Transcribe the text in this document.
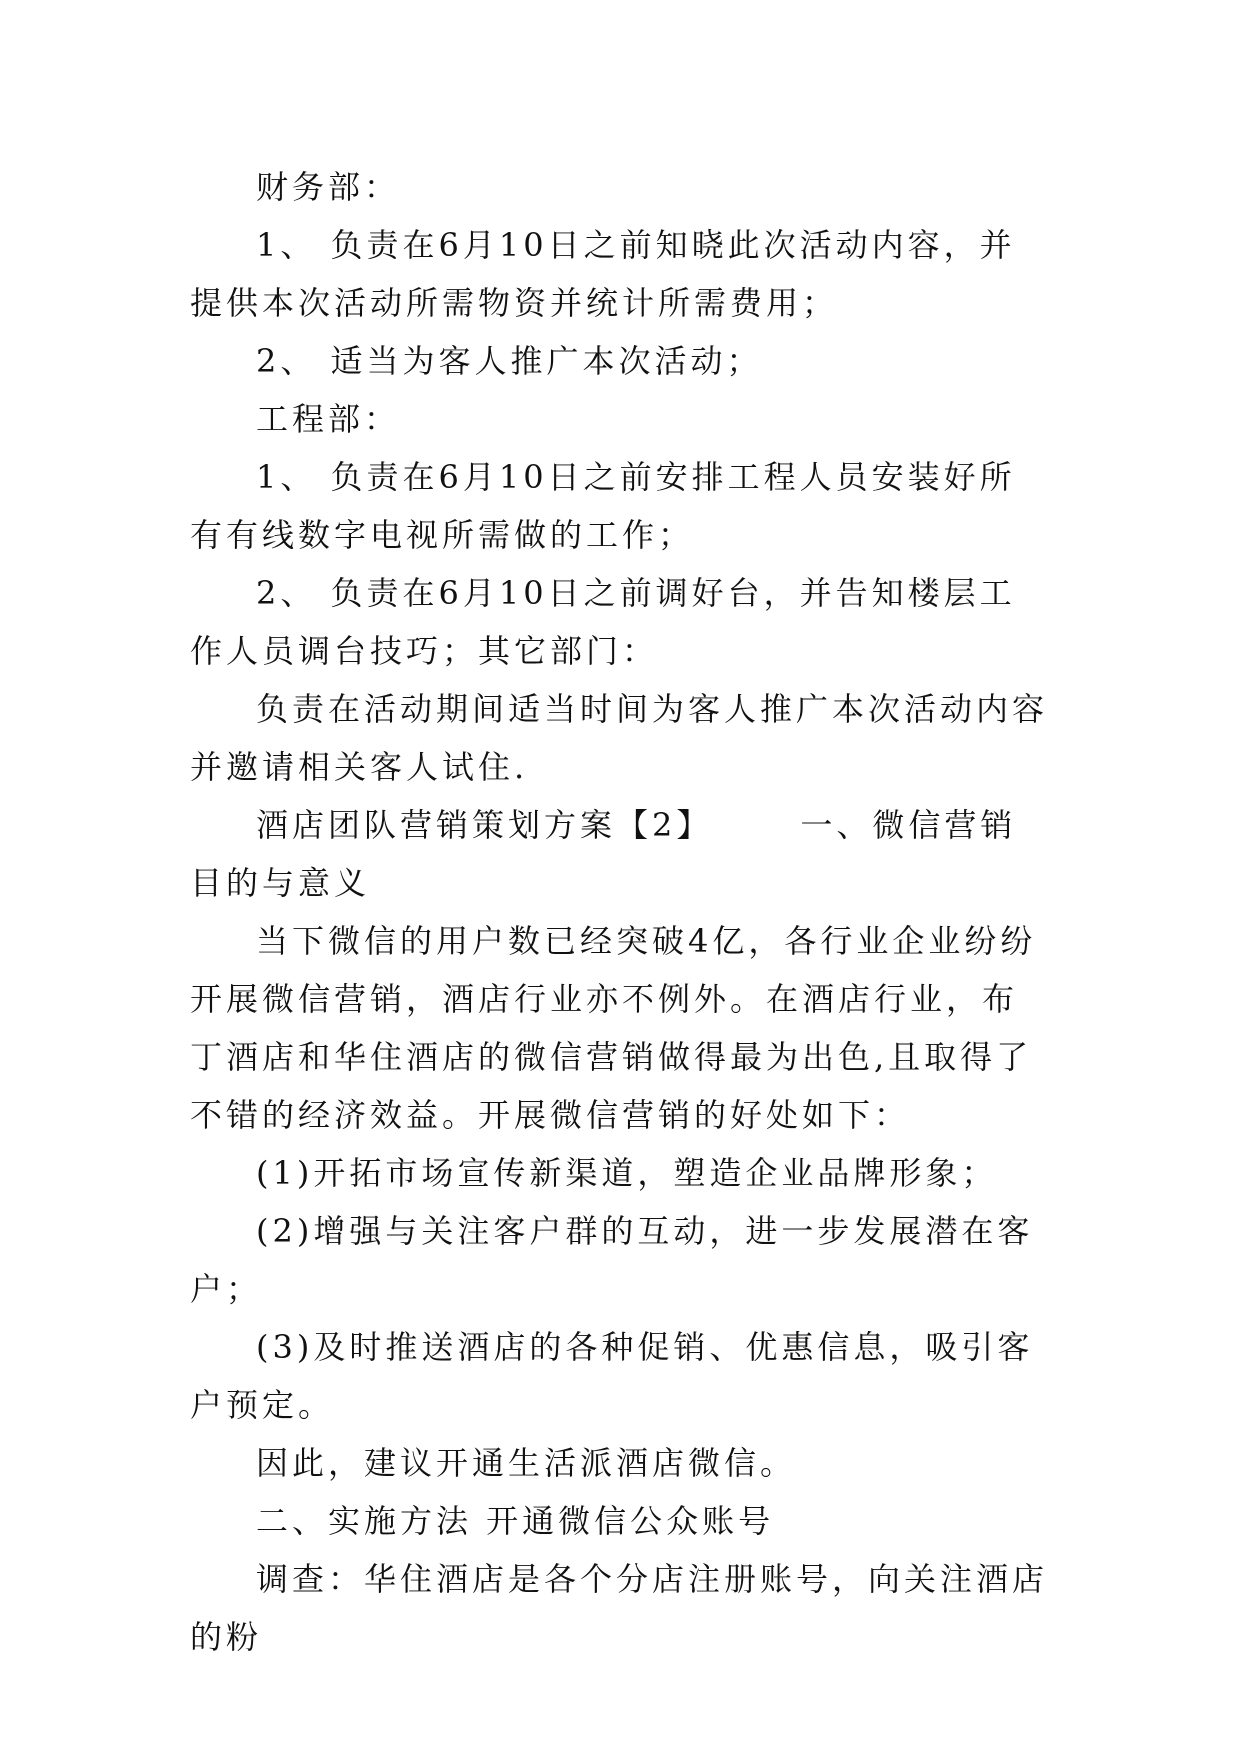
财务部：

1、 负责在6月10日之前知晓此次活动内容，并提供本次活动所需物资并统计所需费用；

2、 适当为客人推广本次活动；

工程部：

1、 负责在6月10日之前安排工程人员安装好所有有线数字电视所需做的工作；

2、 负责在6月10日之前调好台，并告知楼层工作人员调台技巧；其它部门：

负责在活动期间适当时间为客人推广本次活动内容并邀请相关客人试住.

酒店团队营销策划方案【2】	一、微信营销目的与意义

当下微信的用户数已经突破4亿，各行业企业纷纷开展微信营销，酒店行业亦不例外。在酒店行业，布丁酒店和华住酒店的微信营销做得最为出色,且取得了不错的经济效益。开展微信营销的好处如下：

(1)开拓市场宣传新渠道，塑造企业品牌形象；

(2)增强与关注客户群的互动，进一步发展潜在客户；

(3)及时推送酒店的各种促销、优惠信息，吸引客户预定。

因此，建议开通生活派酒店微信。

二、实施方法 开通微信公众账号

调查：华住酒店是各个分店注册账号，向关注酒店的粉
